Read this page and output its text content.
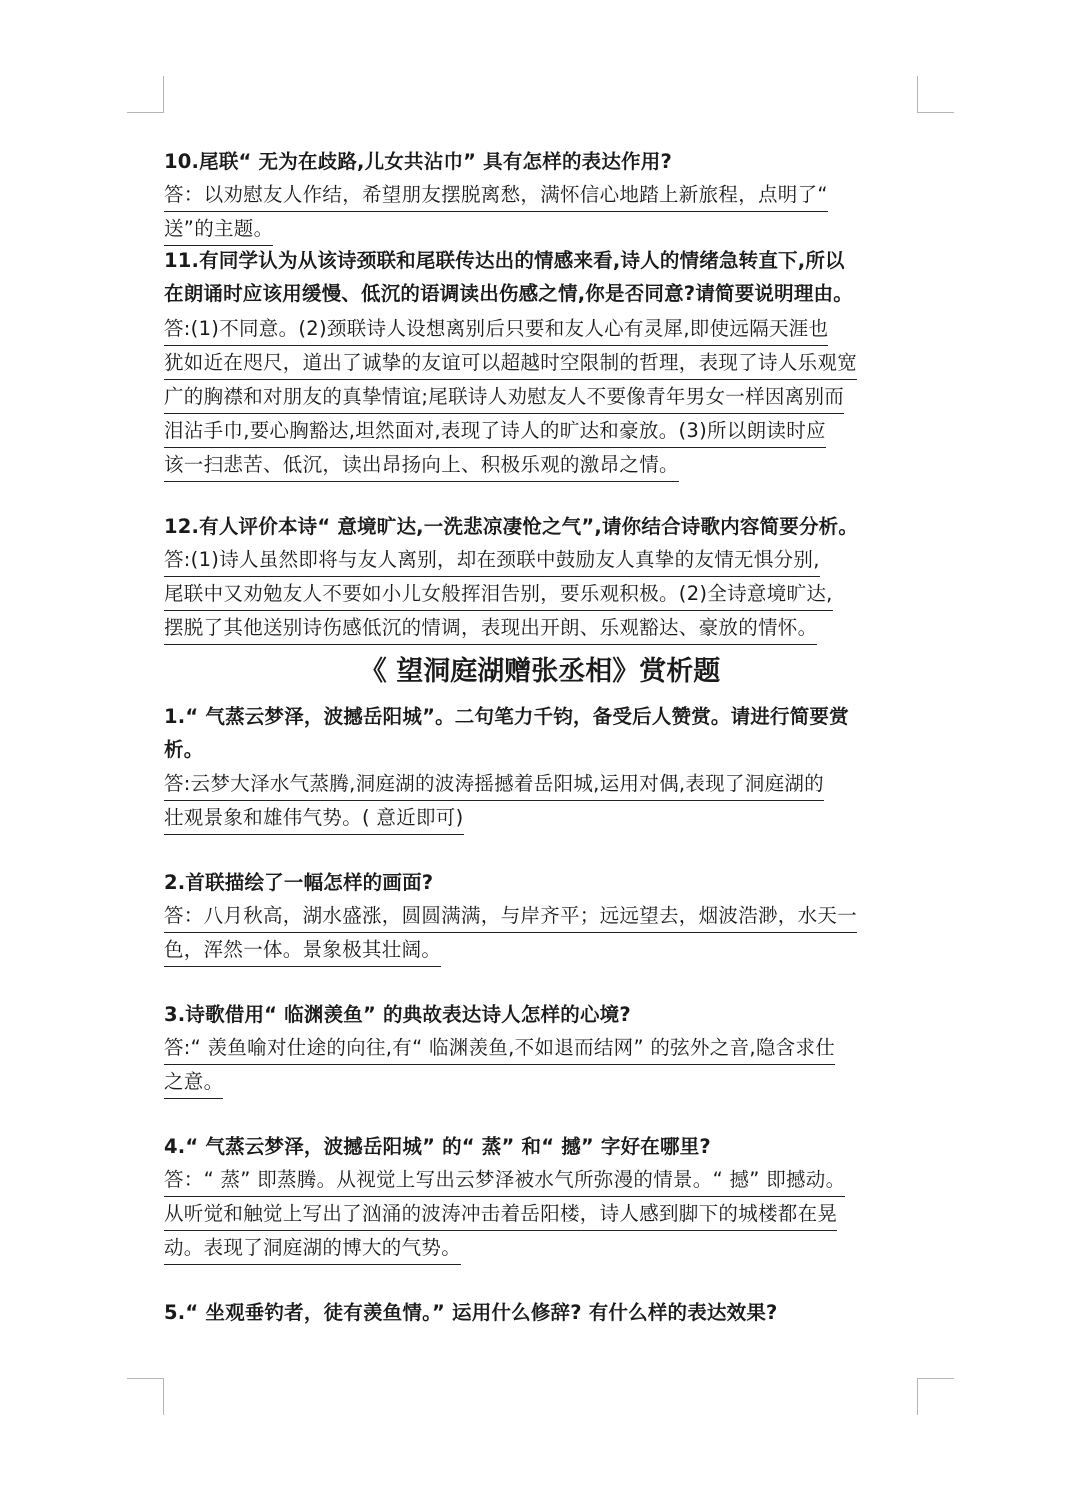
10.尾联“ 无为在歧路,儿女共沾巾” 具有怎样的表达作用?
答：以劝慰友人作结，希望朋友摆脱离愁，满怀信心地踏上新旅程，点明了“
送”的主题。
11.有同学认为从该诗颈联和尾联传达出的情感来看,诗人的情绪急转直下,所以
在朗诵时应该用缓慢、低沉的语调读出伤感之情,你是否同意?请简要说明理由。
答:(1)不同意。(2)颈联诗人设想离别后只要和友人心有灵犀,即使远隔天涯也
犹如近在咫尺，道出了诚挚的友谊可以超越时空限制的哲理，表现了诗人乐观宽
广的胸襟和对朋友的真挚情谊;尾联诗人劝慰友人不要像青年男女一样因离别而
泪沾手巾,要心胸豁达,坦然面对,表现了诗人的旷达和豪放。(3)所以朗读时应
该一扫悲苦、低沉，读出昂扬向上、积极乐观的激昂之情。
12.有人评价本诗“ 意境旷达,一洗悲凉凄怆之气”,请你结合诗歌内容简要分析。
答:(1)诗人虽然即将与友人离别，却在颈联中鼓励友人真挚的友情无惧分别,
尾联中又劝勉友人不要如小儿女般挥泪告别，要乐观积极。(2)全诗意境旷达,
摆脱了其他送别诗伤感低沉的情调，表现出开朗、乐观豁达、豪放的情怀。
《 望洞庭湖赠张丞相》赏析题
1.“ 气蒸云梦泽，波撼岳阳城”。二句笔力千钧，备受后人赞赏。请进行简要赏
析。
答:云梦大泽水气蒸腾,洞庭湖的波涛摇撼着岳阳城,运用对偶,表现了洞庭湖的
壮观景象和雄伟气势。( 意近即可)
2.首联描绘了一幅怎样的画面?
答：八月秋高，湖水盛涨，圆圆满满，与岸齐平；远远望去，烟波浩渺，水天一
色，浑然一体。景象极其壮阔。
3.诗歌借用“ 临渊羡鱼” 的典故表达诗人怎样的心境?
答:“ 羡鱼喻对仕途的向往,有“ 临渊羡鱼,不如退而结网” 的弦外之音,隐含求仕
之意。
4.“ 气蒸云梦泽，波撼岳阳城” 的“ 蒸” 和“ 撼” 字好在哪里?
答：“ 蒸” 即蒸腾。从视觉上写出云梦泽被水气所弥漫的情景。“ 撼” 即撼动。
从听觉和触觉上写出了汹涌的波涛冲击着岳阳楼，诗人感到脚下的城楼都在晃
动。表现了洞庭湖的博大的气势。
5.“ 坐观垂钓者，徒有羡鱼情。” 运用什么修辞? 有什么样的表达效果?
